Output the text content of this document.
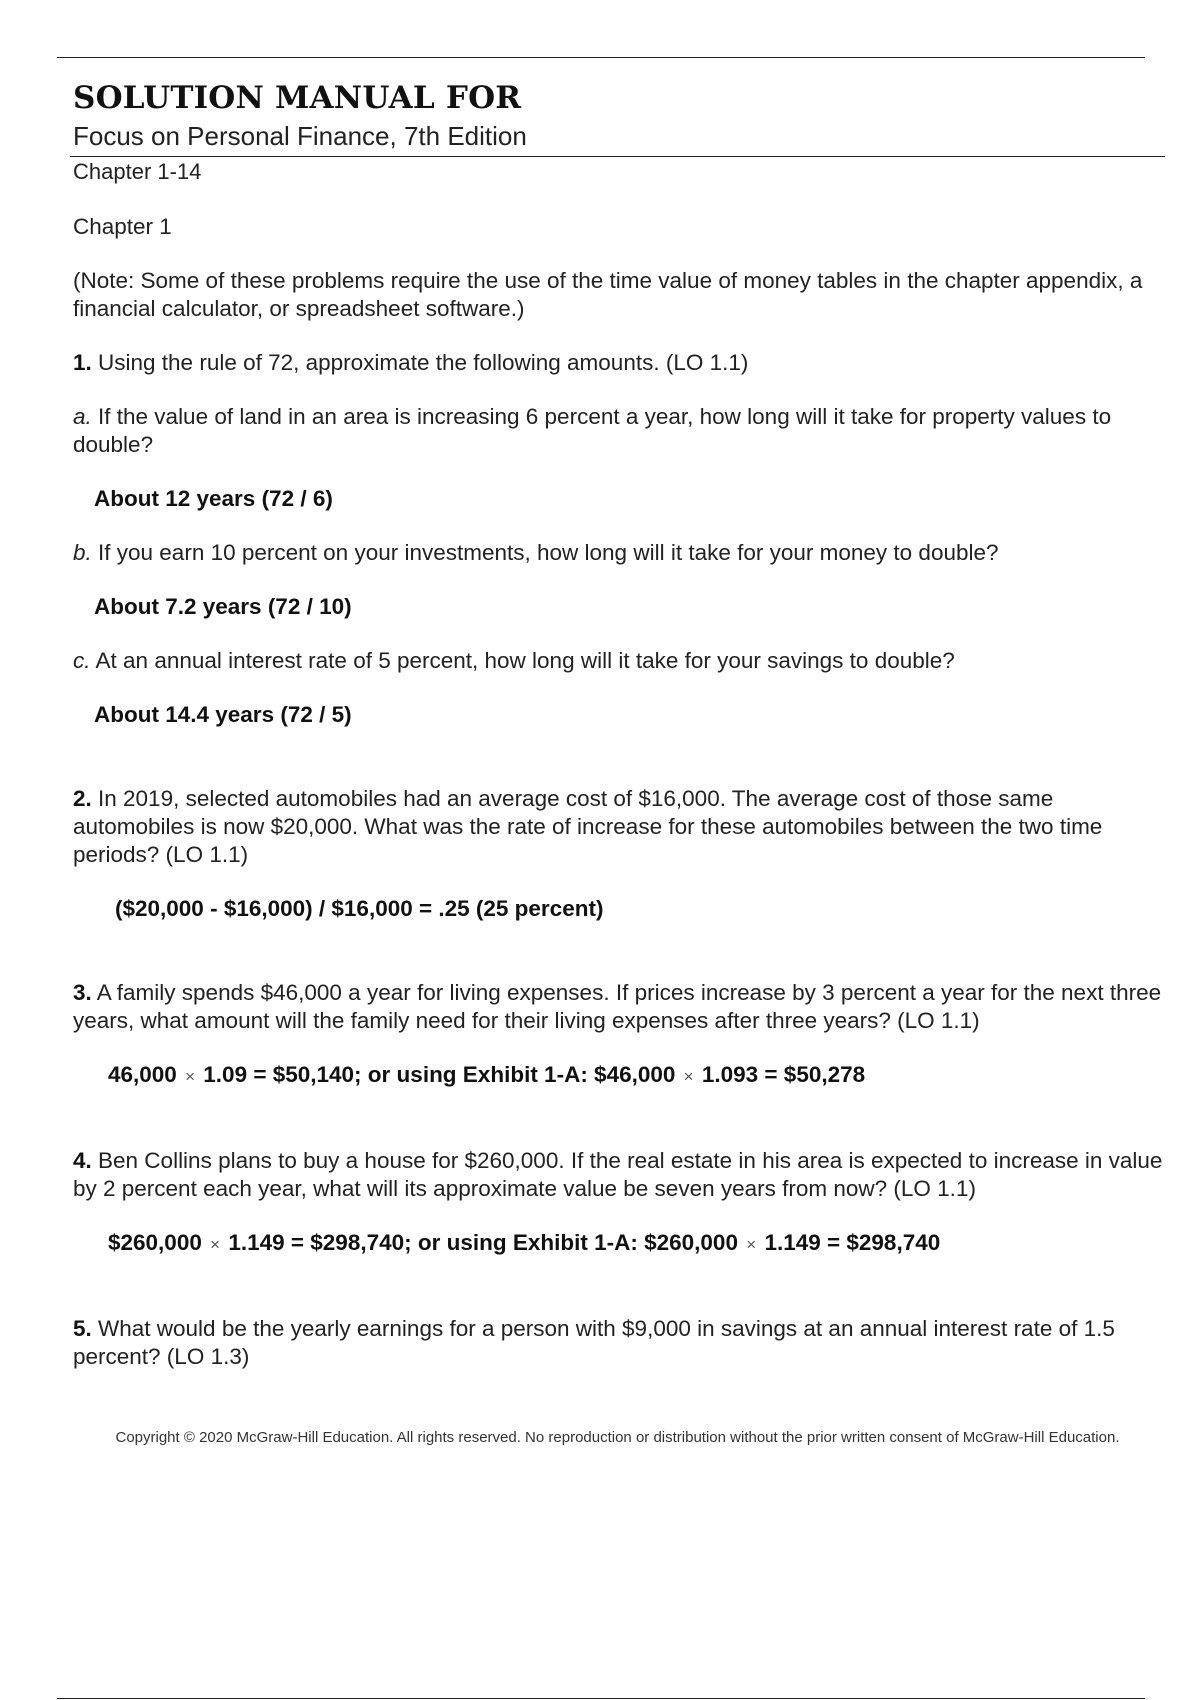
SOLUTION MANUAL FOR
Focus on Personal Finance, 7th Edition
Chapter 1-14

Chapter 1

(Note: Some of these problems require the use of the time value of money tables in the chapter appendix, a financial calculator, or spreadsheet software.)

1. Using the rule of 72, approximate the following amounts. (LO 1.1)

a. If the value of land in an area is increasing 6 percent a year, how long will it take for property values to double?

About 12 years (72 / 6)

b. If you earn 10 percent on your investments, how long will it take for your money to double?

About 7.2 years (72 / 10)

c. At an annual interest rate of 5 percent, how long will it take for your savings to double?

About 14.4 years (72 / 5)

2. In 2019, selected automobiles had an average cost of $16,000. The average cost of those same automobiles is now $20,000. What was the rate of increase for these automobiles between the two time periods? (LO 1.1)

($20,000 - $16,000) / $16,000 = .25 (25 percent)

3. A family spends $46,000 a year for living expenses. If prices increase by 3 percent a year for the next three years, what amount will the family need for their living expenses after three years? (LO 1.1)

46,000 × 1.09 = $50,140; or using Exhibit 1-A: $46,000 × 1.093 = $50,278

4. Ben Collins plans to buy a house for $260,000. If the real estate in his area is expected to increase in value by 2 percent each year, what will its approximate value be seven years from now? (LO 1.1)

$260,000 × 1.149 = $298,740; or using Exhibit 1-A: $260,000 × 1.149 = $298,740

5. What would be the yearly earnings for a person with $9,000 in savings at an annual interest rate of 1.5 percent? (LO 1.3)

Copyright © 2020 McGraw-Hill Education. All rights reserved. No reproduction or distribution without the prior written consent of McGraw-Hill Education.
